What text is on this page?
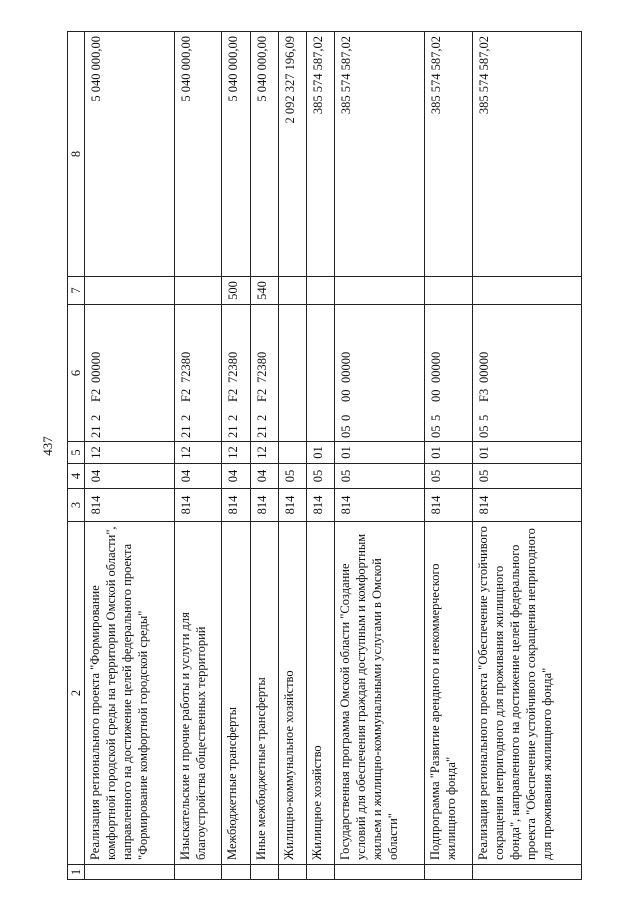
437
1	2	3	4	5	6	7	8
	Реализация регионального проекта "Формирование комфортной городской среды на территории Омской области", направленного на достижение целей федерального проекта "Формирование комфортной городской среды"	814	04	12	212F200000		5 040 000,00
	Изыскательские и прочие работы и услуги для благоустройства общественных территорий	814	04	12	212F272380		5 040 000,00
	Межбюджетные трансферты	814	04	12	212F272380	500	5 040 000,00
	Иные межбюджетные трансферты	814	04	12	212F272380	540	5 040 000,00
	Жилищно-коммунальное хозяйство	814	05				2 092 327 196,09
	Жилищное хозяйство	814	05	01			385 574 587,02
	Государственная программа Омской области "Создание условий для обеспечения граждан доступным и комфортным жильем и жилищно-коммунальными услугами в Омской области"	814	05	01	0500000000		385 574 587,02
	Подпрограмма "Развитие арендного и некоммерческого жилищного фонда"	814	05	01	0550000000		385 574 587,02
	Реализация регионального проекта "Обеспечение устойчивого сокращения непригодного для проживания жилищного фонда", направленного на достижение целей федерального проекта "Обеспечение устойчивого сокращения непригодного для проживания жилищного фонда"	814	05	01	055F300000		385 574 587,02
